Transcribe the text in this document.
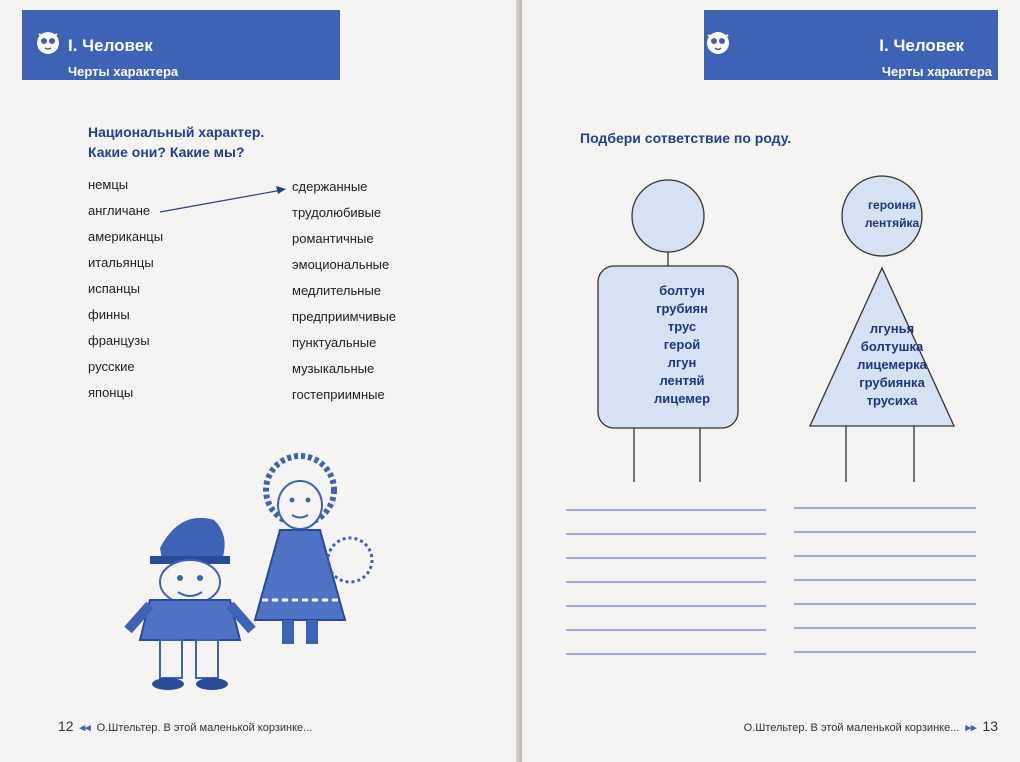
I. Человек
Черты характера
Национальный характер.
Какие они? Какие мы?
немцы
англичане
американцы
итальянцы
испанцы
финны
французы
русские
японцы
сдержанные
трудолюбивые
романтичные
эмоциональные
медлительные
предприимчивые
пунктуальные
музыкальные
гостеприимные
12 ◂◂ О.Штельтер. В этой маленькой корзинке...
I. Человек
Черты характера
Подбери сответствие по роду.
болтун
грубиян
трус
герой
лгун
лентяй
лицемер
героиня
лентяйка
лгунья
болтушка
лицемерка
грубиянка
трусиха
О.Штельтер. В этой маленькой корзинке... ▸▸ 13
